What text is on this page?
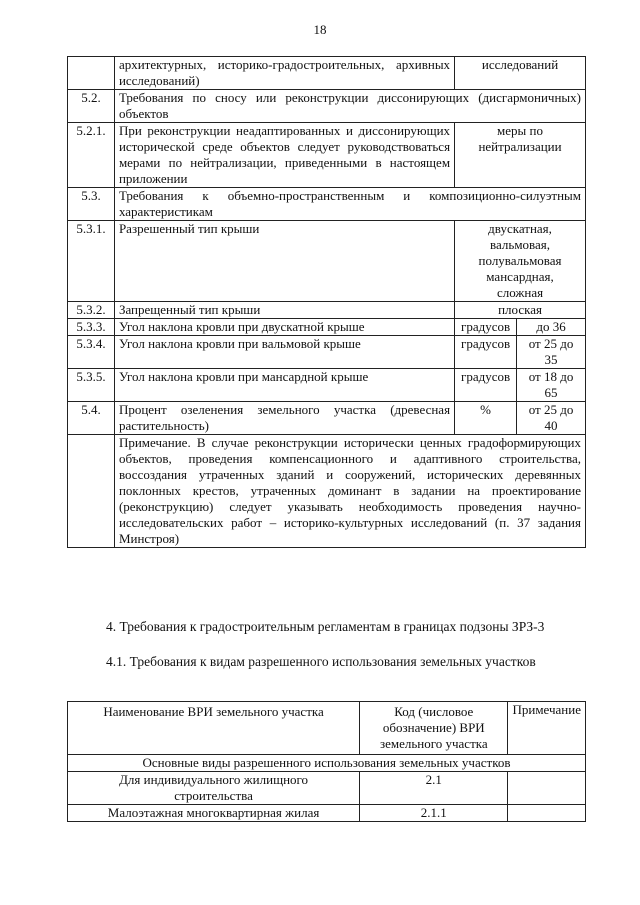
18
	архитектурных, историко-градостроительных, архивных исследований)	исследований	
5.2.	Требования по сносу или реконструкции диссонирующих (дисгармоничных) объектов		
5.2.1.	При реконструкции неадаптированных и диссонирующих исторической среде объектов следует руководствоваться мерами по нейтрализации, приведенными в настоящем приложении	меры по нейтрализации	
5.3.	Требования к объемно-пространственным и композиционно-силуэтным характеристикам		
5.3.1.	Разрешенный тип крыши	двускатная, вальмовая, полувальмовая мансардная, сложная	
5.3.2.	Запрещенный тип крыши	плоская	
5.3.3.	Угол наклона кровли при двускатной крыше	градусов	до 36
5.3.4.	Угол наклона кровли при вальмовой крыше	градусов	от 25 до 35
5.3.5.	Угол наклона кровли при мансардной крыше	градусов	от 18 до 65
5.4.	Процент озеленения земельного участка (древесная растительность)	%	от 25 до 40
	Примечание. В случае реконструкции исторически ценных градоформирующих объектов, проведения компенсационного и адаптивного строительства, воссоздания утраченных зданий и сооружений, исторических деревянных поклонных крестов, утраченных доминант в задании на проектирование (реконструкцию) следует указывать необходимость проведения научно-исследовательских работ – историко-культурных исследований (п. 37 задания Минстроя)		
4. Требования к градостроительным регламентам в границах подзоны ЗРЗ-3
4.1. Требования к видам разрешенного использования земельных участков
Наименование ВРИ земельного участка	Код (числовое обозначение) ВРИ земельного участка	Примечание
Основные виды разрешенного использования земельных участков		
Для индивидуального жилищного строительства	2.1	
Малоэтажная многоквартирная жилая	2.1.1	
